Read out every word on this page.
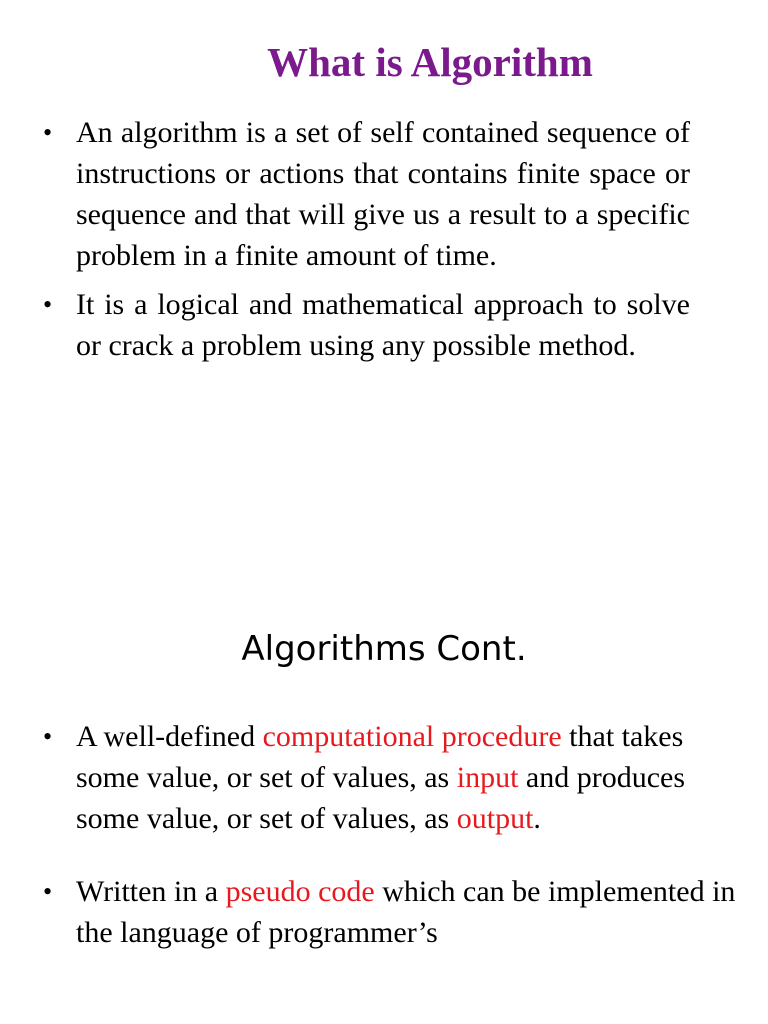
What is Algorithm
• An algorithm is a set of self contained sequence of instructions or actions that contains finite space or sequence and that will give us a result to a specific problem in a finite amount of time.
• It is a logical and mathematical approach to solve or crack a problem using any possible method.
Algorithms Cont.
• A well-defined computational procedure that takes some value, or set of values, as input and produces some value, or set of values, as output.
• Written in a pseudo code which can be implemented in the language of programmer’s
